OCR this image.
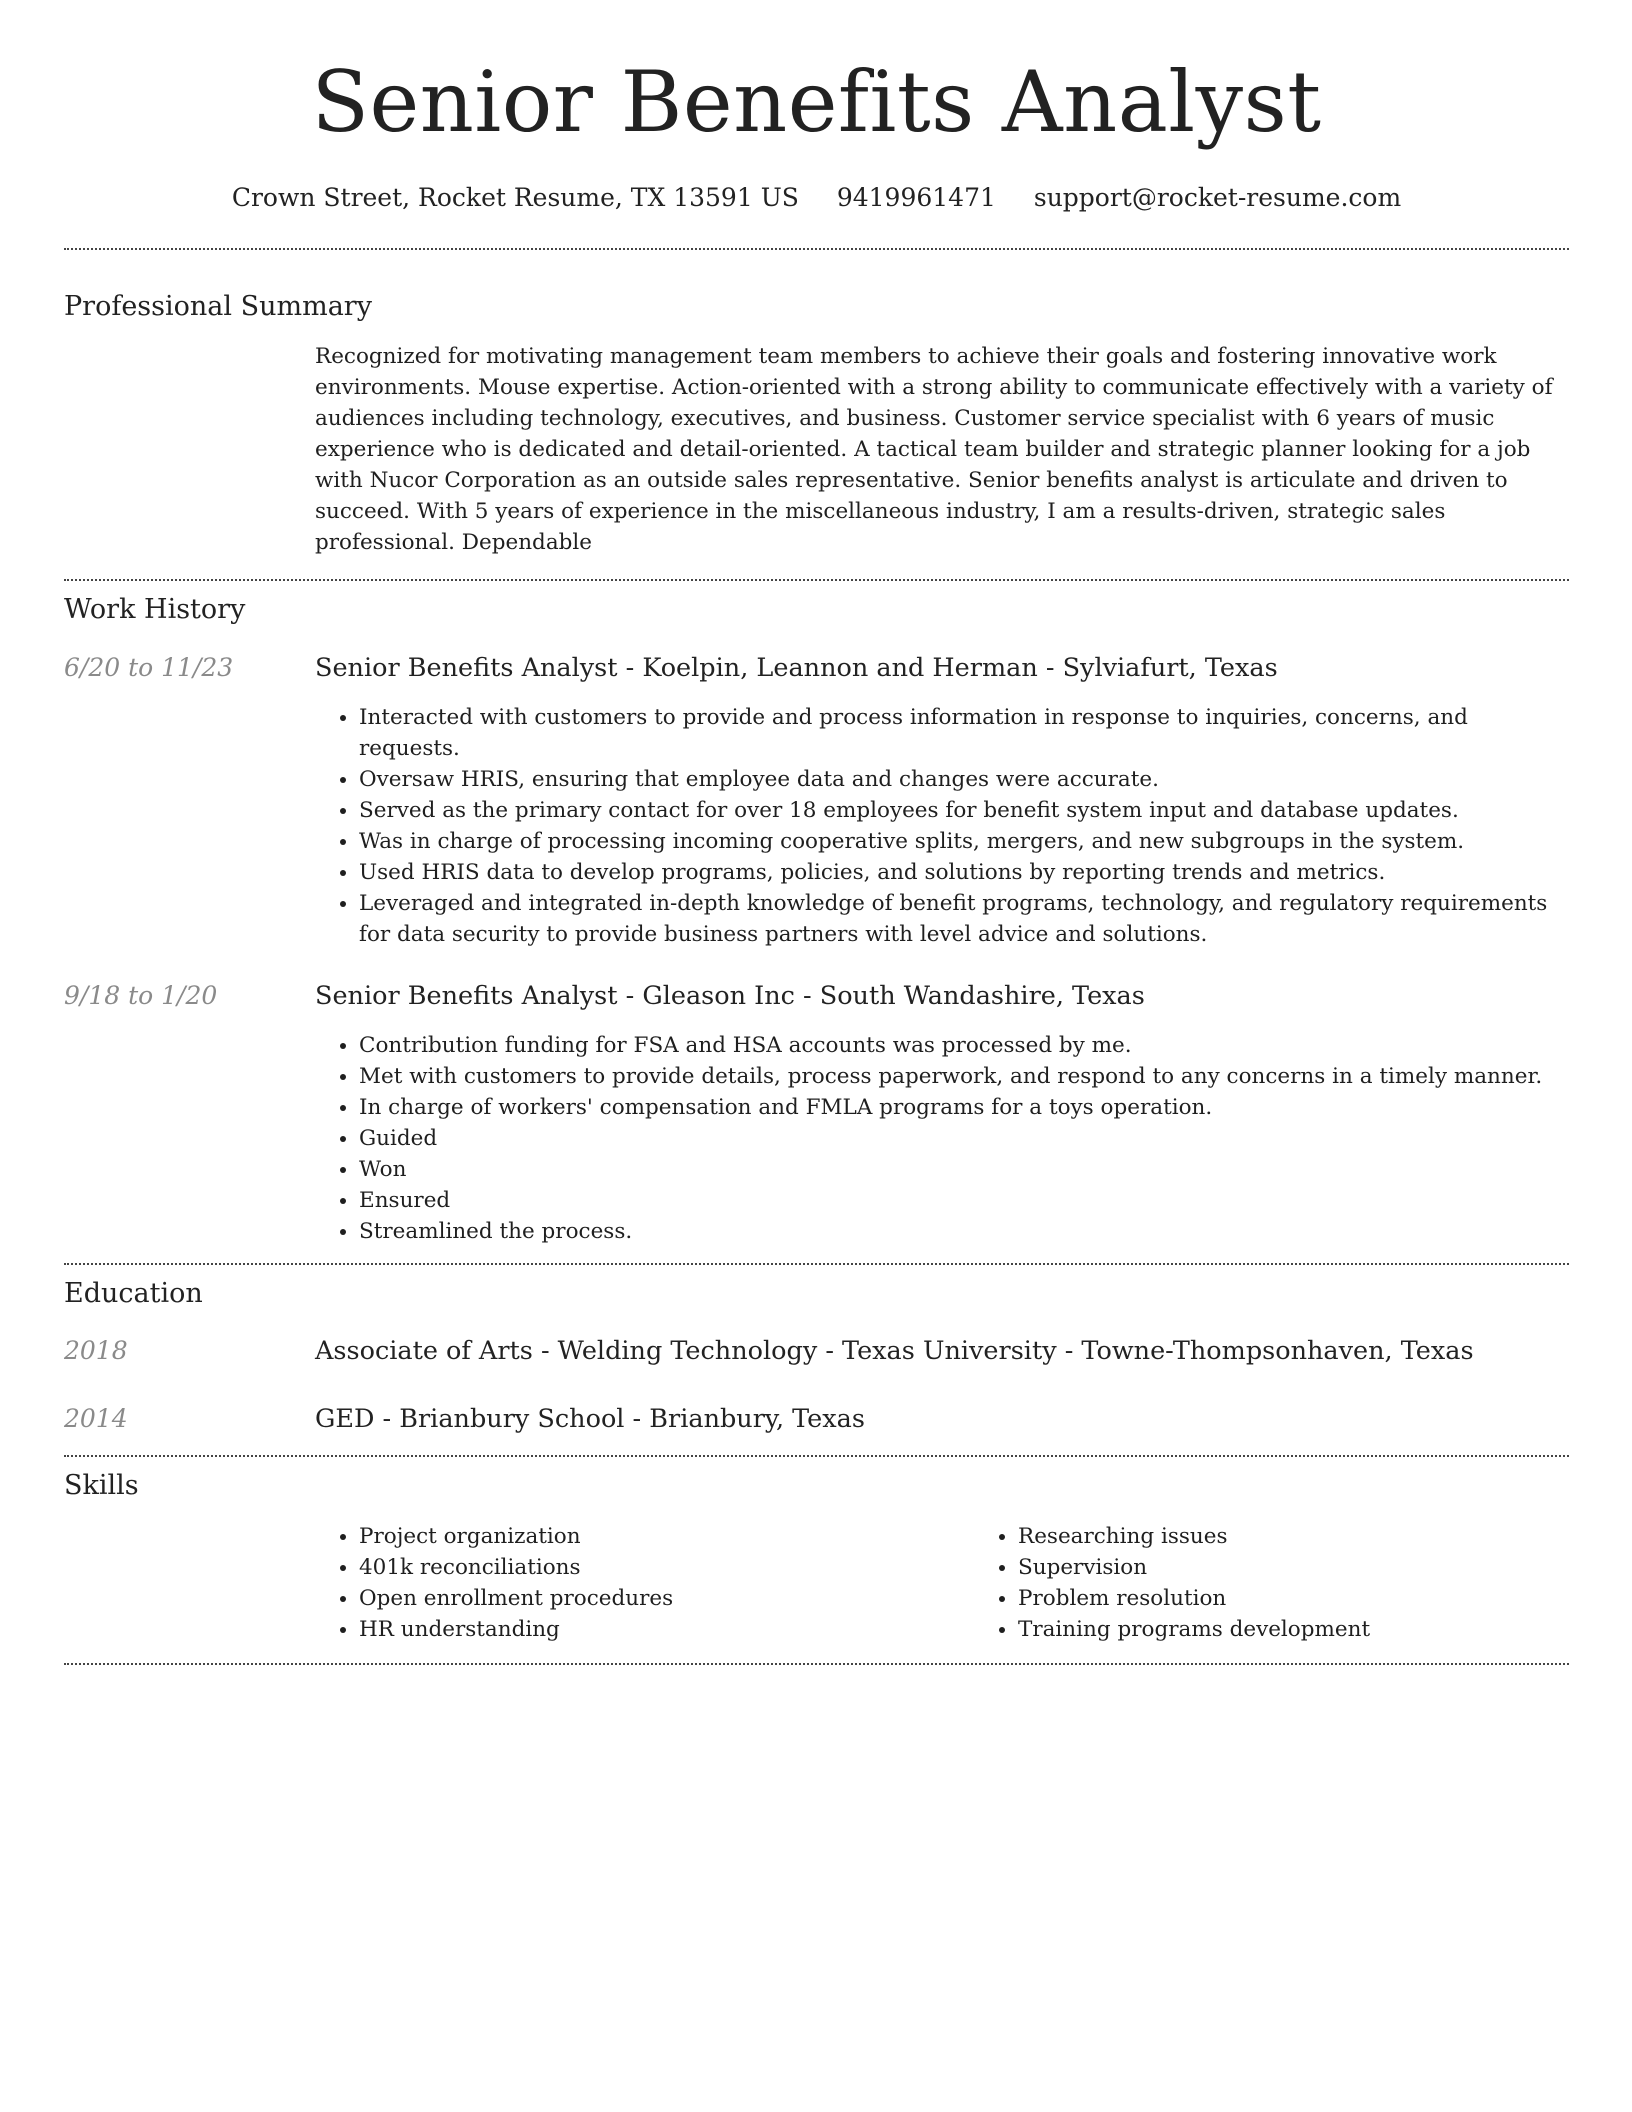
Senior Benefits Analyst
Crown Street, Rocket Resume, TX 13591 US 9419961471 support@rocket-resume.com
Professional Summary
Recognized for motivating management team members to achieve their goals and fostering innovative work environments. Mouse expertise. Action-oriented with a strong ability to communicate effectively with a variety of audiences including technology, executives, and business. Customer service specialist with 6 years of music experience who is dedicated and detail-oriented. A tactical team builder and strategic planner looking for a job with Nucor Corporation as an outside sales representative. Senior benefits analyst is articulate and driven to succeed. With 5 years of experience in the miscellaneous industry, I am a results-driven, strategic sales professional. Dependable
Work History
6/20 to 11/23	Senior Benefits Analyst - Koelpin, Leannon and Herman - Sylviafurt, Texas
• Interacted with customers to provide and process information in response to inquiries, concerns, and requests.
• Oversaw HRIS, ensuring that employee data and changes were accurate.
• Served as the primary contact for over 18 employees for benefit system input and database updates.
• Was in charge of processing incoming cooperative splits, mergers, and new subgroups in the system.
• Used HRIS data to develop programs, policies, and solutions by reporting trends and metrics.
• Leveraged and integrated in-depth knowledge of benefit programs, technology, and regulatory requirements for data security to provide business partners with level advice and solutions.
9/18 to 1/20	Senior Benefits Analyst - Gleason Inc - South Wandashire, Texas
• Contribution funding for FSA and HSA accounts was processed by me.
• Met with customers to provide details, process paperwork, and respond to any concerns in a timely manner.
• In charge of workers' compensation and FMLA programs for a toys operation.
• Guided
• Won
• Ensured
• Streamlined the process.
Education
2018	Associate of Arts - Welding Technology - Texas University - Towne-Thompsonhaven, Texas
2014	GED - Brianbury School - Brianbury, Texas
Skills
• Project organization
• 401k reconciliations
• Open enrollment procedures
• HR understanding
• Researching issues
• Supervision
• Problem resolution
• Training programs development
